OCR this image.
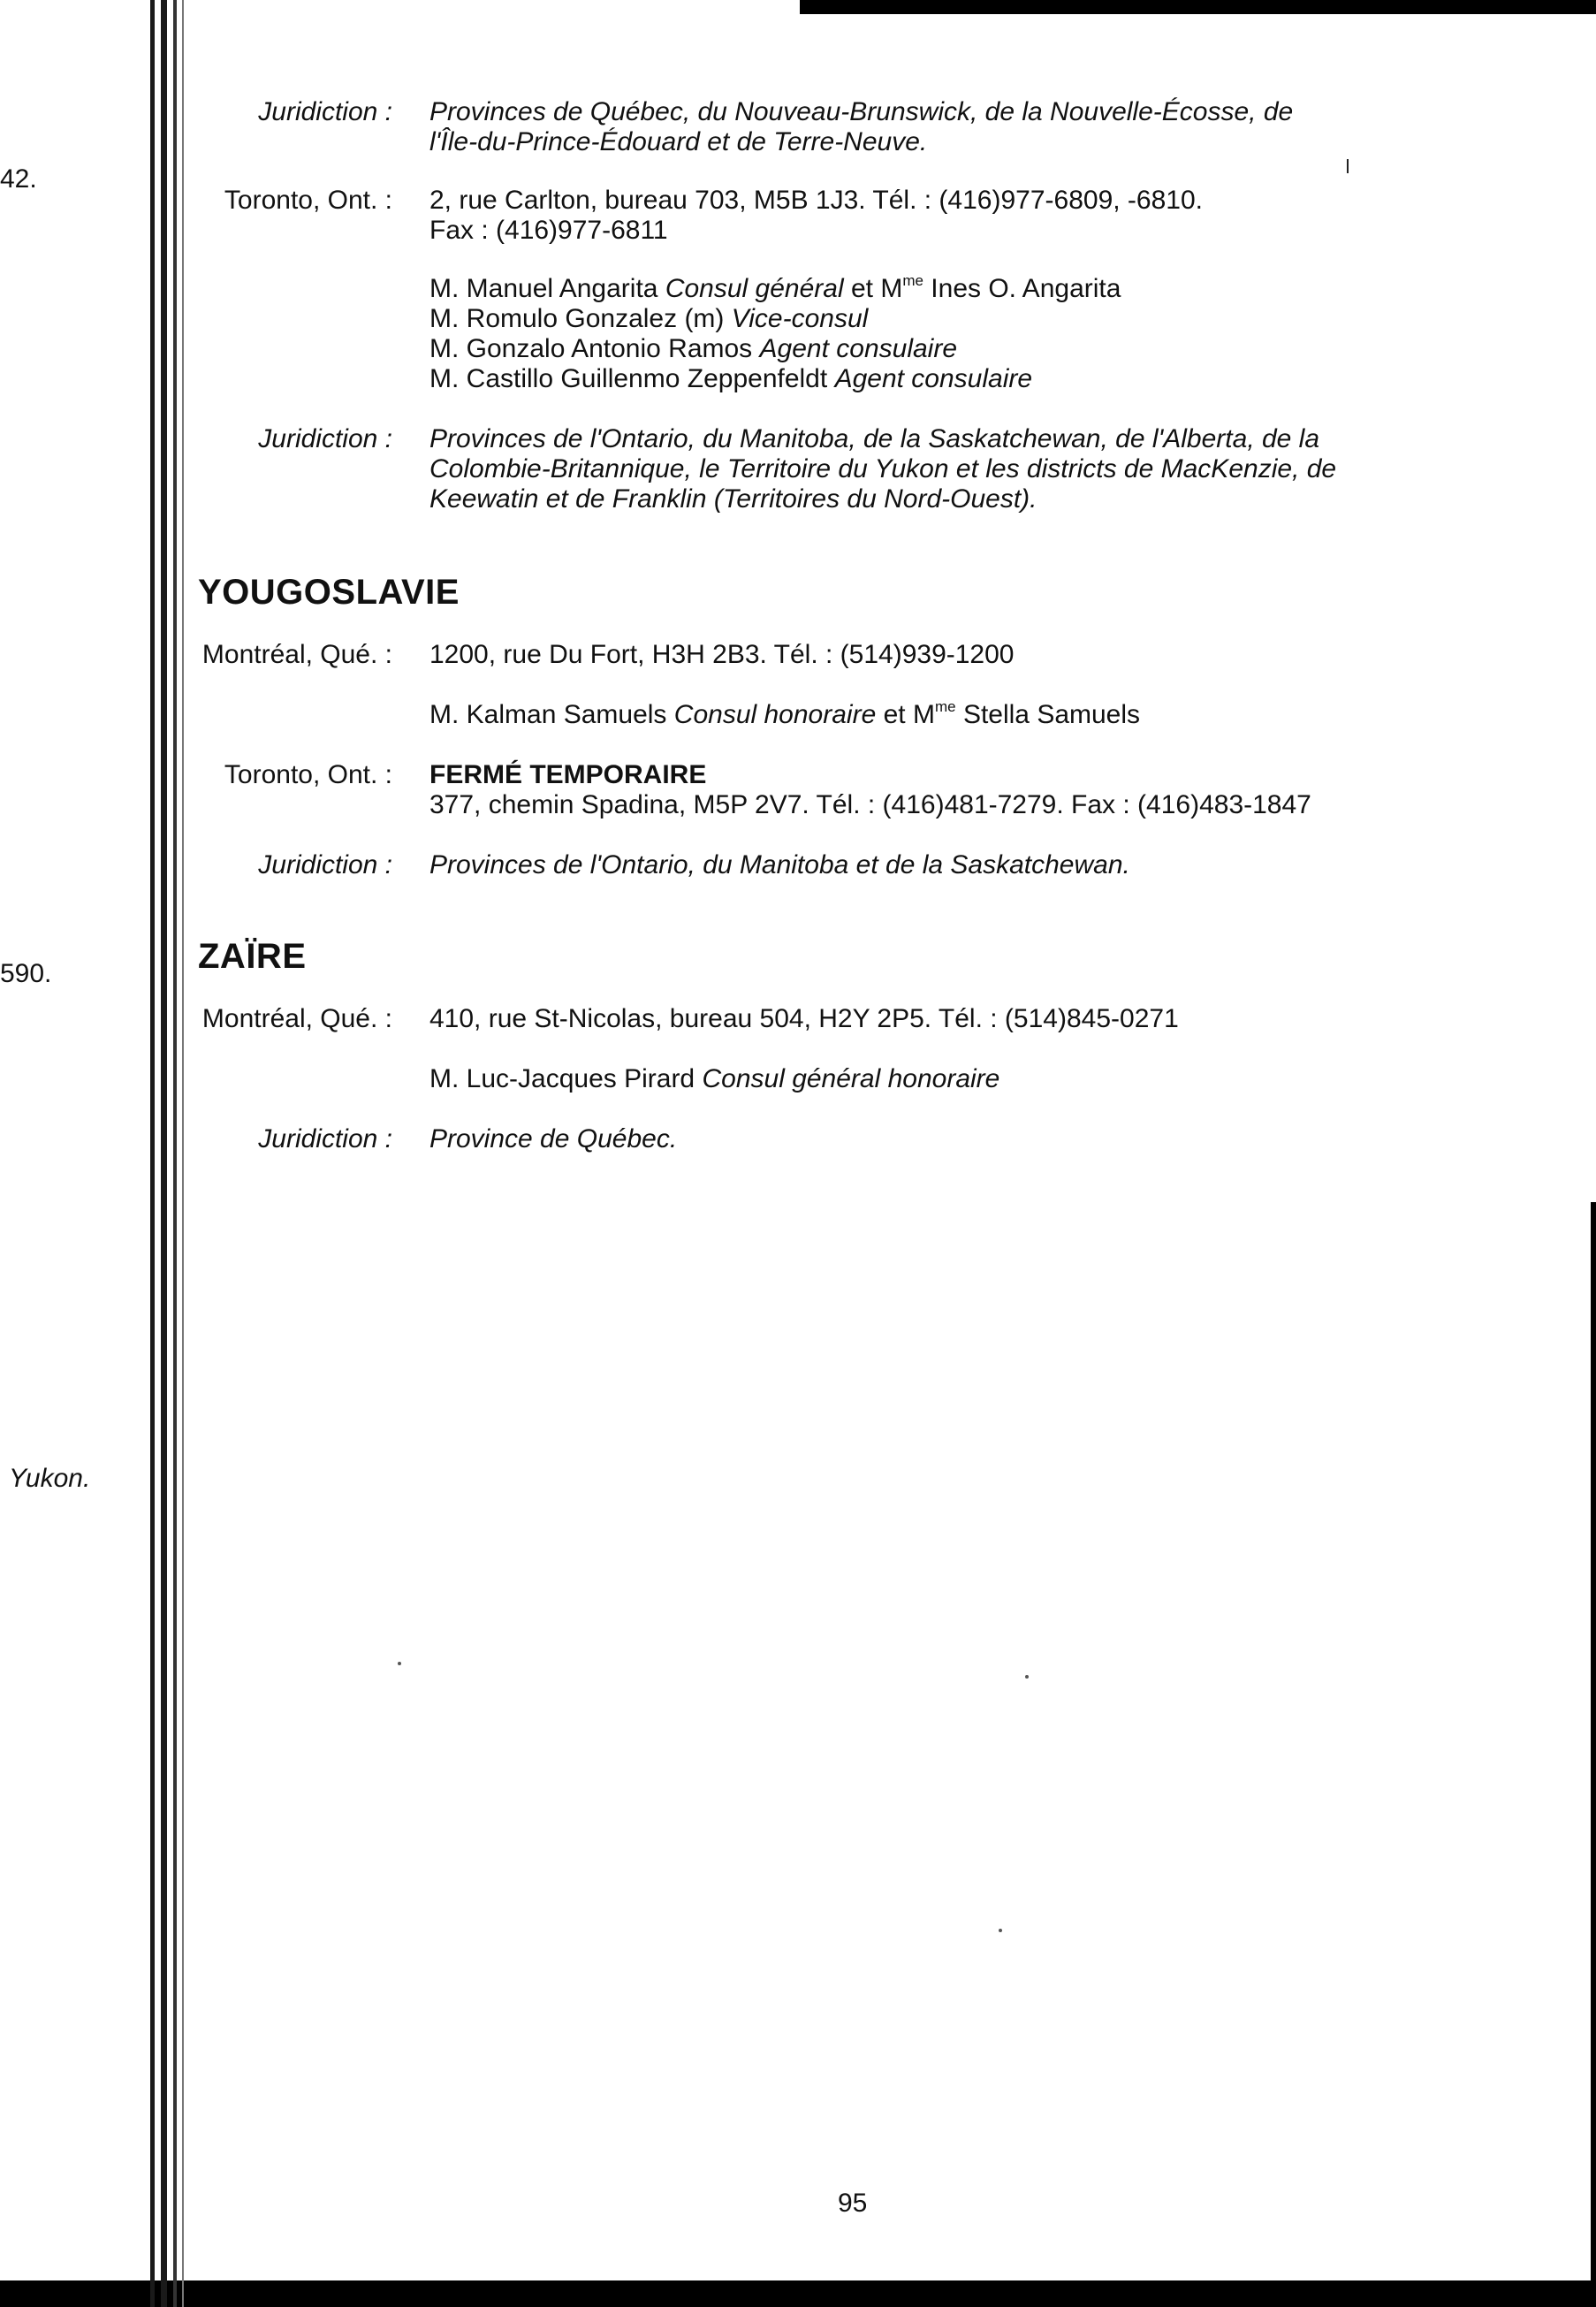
42.
590.
Yukon.
Juridiction : Provinces de Québec, du Nouveau-Brunswick, de la Nouvelle-Écosse, de
l'Île-du-Prince-Édouard et de Terre-Neuve.
Toronto, Ont. : 2, rue Carlton, bureau 703, M5B 1J3. Tél. : (416)977-6809, -6810.
Fax : (416)977-6811
M. Manuel Angarita Consul général et $M^{me}$ Ines O. Angarita
M. Romulo Gonzalez (m) Vice-consul
M. Gonzalo Antonio Ramos Agent consulaire
M. Castillo Guillenmo Zeppenfeldt Agent consulaire
Juridiction : Provinces de l'Ontario, du Manitoba, de la Saskatchewan, de l'Alberta, de la
Colombie-Britannique, le Territoire du Yukon et les districts de MacKenzie, de
Keewatin et de Franklin (Territoires du Nord-Ouest).
YOUGOSLAVIE
Montréal, Qué. : 1200, rue Du Fort, H3H 2B3. Tél. : (514)939-1200
M. Kalman Samuels Consul honoraire et $M^{me}$ Stella Samuels
Toronto, Ont. : FERMÉ TEMPORAIRE
377, chemin Spadina, M5P 2V7. Tél. : (416)481-7279. Fax : (416)483-1847
Juridiction : Provinces de l'Ontario, du Manitoba et de la Saskatchewan.
ZAÏRE
Montréal, Qué. : 410, rue St-Nicolas, bureau 504, H2Y 2P5. Tél. : (514)845-0271
M. Luc-Jacques Pirard Consul général honoraire
Juridiction : Province de Québec.
95
